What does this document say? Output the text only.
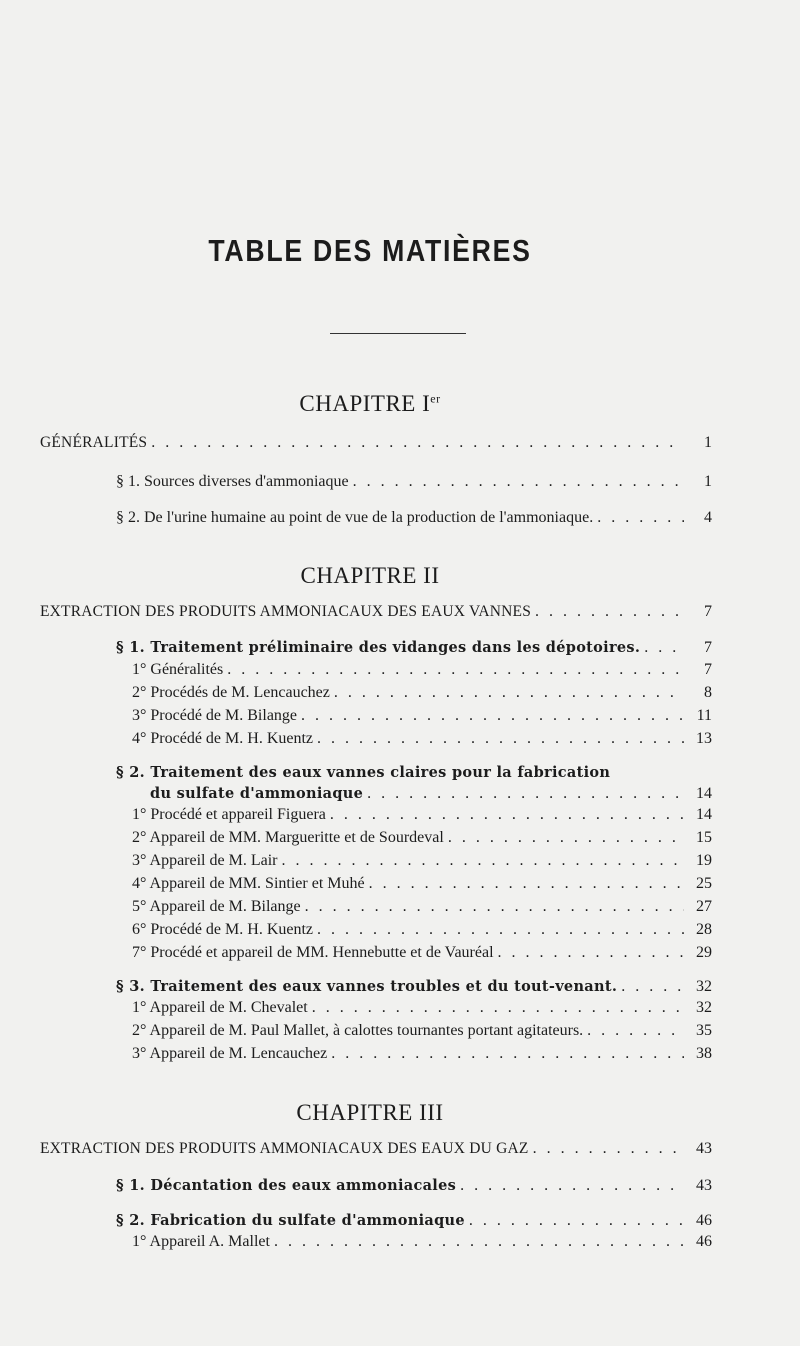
TABLE DES MATIÈRES
CHAPITRE Ier
GÉNÉRALITÉS . . .	1
§ 1. Sources diverses d'ammoniaque . . .	1
§ 2. De l'urine humaine au point de vue de la production de l'ammoniaque. . . .	4
CHAPITRE II
EXTRACTION DES PRODUITS AMMONIACAUX DES EAUX VANNES . . .	7
§ 1. Traitement préliminaire des vidanges dans les dépotoires. . . .	7
1° Généralités . . .	7
2° Procédés de M. Lencauchez . . .	8
3° Procédé de M. Bilange . . .	11
4° Procédé de M. H. Kuentz . . .	13
§ 2. Traitement des eaux vannes claires pour la fabrication
du sulfate d'ammoniaque . . .	14
1° Procédé et appareil Figuera . . .	14
2° Appareil de MM. Margueritte et de Sourdeval . . .	15
3° Appareil de M. Lair . . .	19
4° Appareil de MM. Sintier et Muhé . . .	25
5° Appareil de M. Bilange . . .	27
6° Procédé de M. H. Kuentz . . .	28
7° Procédé et appareil de MM. Hennebutte et de Vauréal . . .	29
§ 3. Traitement des eaux vannes troubles et du tout-venant. . . .	32
1° Appareil de M. Chevalet . . .	32
2° Appareil de M. Paul Mallet, à calottes tournantes portant agitateurs. . . .	35
3° Appareil de M. Lencauchez . . .	38
CHAPITRE III
EXTRACTION DES PRODUITS AMMONIACAUX DES EAUX DU GAZ . . .	43
§ 1. Décantation des eaux ammoniacales . . .	43
§ 2. Fabrication du sulfate d'ammoniaque . . .	46
1° Appareil A. Mallet . . .	46
